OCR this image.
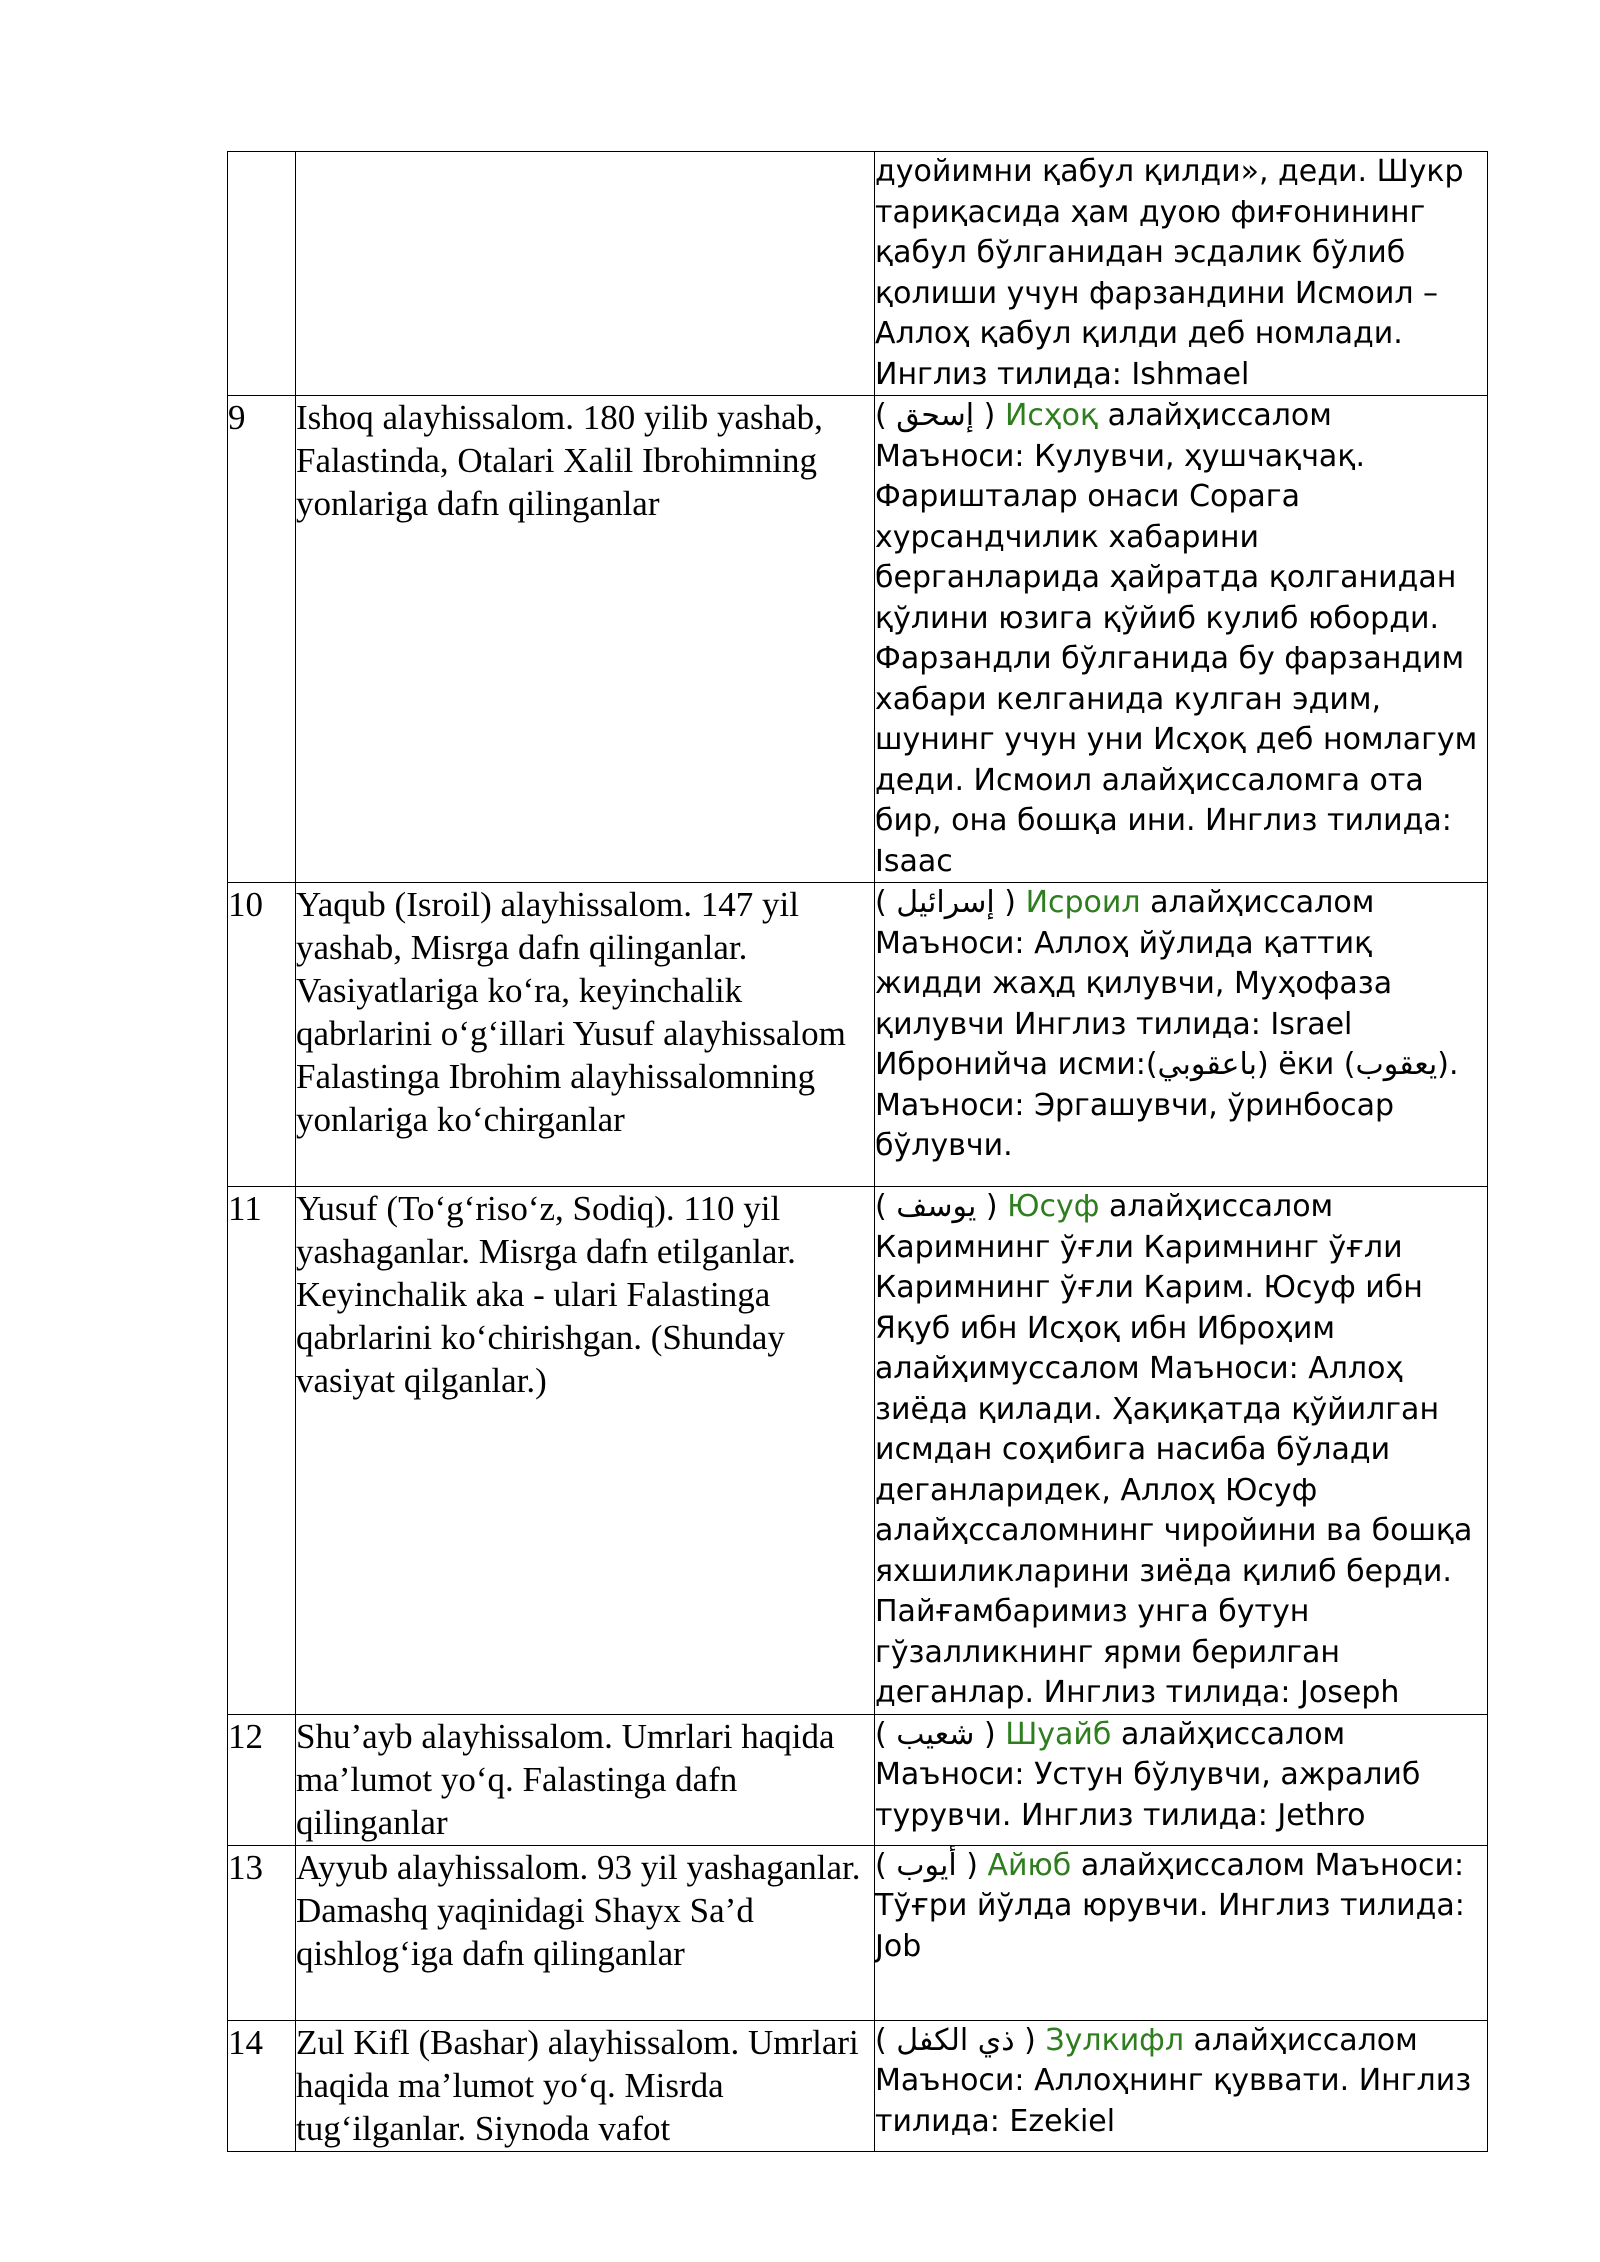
		дуойимни қабул қилди», деди. Шукр тариқасида ҳам дуою фиғонининг қабул бўлганидан эсдалик бўлиб қолиши учун фарзандини Исмоил – Аллоҳ қабул қилди деб номлади. Инглиз тилида: Ishmael

9	Ishoq alayhissalom. 180 yilib yashab, Falastinda, Otalari Xalil Ibrohimning yonlariga dafn qilinganlar	( إسحق ) Исҳоқ алайҳиссалом Маъноси: Кулувчи, ҳушчақчақ. Фаришталар онаси Сорага хурсандчилик хабарини берганларида ҳайратда қолганидан қўлини юзига қўйиб кулиб юборди. Фарзандли бўлганида бу фарзандим хабари келганида кулган эдим, шунинг учун уни Исҳоқ деб номлагум деди. Исмоил алайҳиссаломга ота бир, она бошқа ини. Инглиз тилида: Isaac
10	Yaqub (Isroil) alayhissalom. 147 yil yashab, Misrga dafn qilinganlar. Vasiyatlariga ko‘ra, keyinchalik qabrlarini o‘g‘illari Yusuf alayhissalom Falastinga Ibrohim alayhissalomning yonlariga ko‘chirganlar	( إسرائيل ) Исроил алайҳиссалом Маъноси: Аллоҳ йўлида қаттиқ жидди жаҳд қилувчи, Муҳофаза қилувчи Инглиз тилида: Israel Ибронийча исми:(باعقوبي) ёки (يعقوب). Маъноси: Эргашувчи, ўринбосар бўлувчи.
11	Yusuf (To‘g‘riso‘z, Sodiq). 110 yil yashaganlar. Misrga dafn etilganlar. Keyinchalik aka - ulari Falastinga qabrlarini ko‘chirishgan. (Shunday vasiyat qilganlar.)	( يوسف ) Юсуф алайҳиссалом Каримнинг ўғли Каримнинг ўғли Каримнинг ўғли Карим. Юсуф ибн Яқуб ибн Исҳоқ ибн Иброҳим алайҳимуссалом Маъноси: Аллоҳ зиёда қилади. Ҳақиқатда қўйилган исмдан соҳибига насиба бўлади деганларидек, Аллоҳ Юсуф алайҳссаломнинг чиройини ва бошқа яхшиликларини зиёда қилиб берди. Пайғамбаримиз унга бутун гўзалликнинг ярми берилган деганлар. Инглиз тилида: Joseph
12	Shu’ayb alayhissalom. Umrlari haqida ma’lumot yo‘q. Falastinga dafn qilinganlar	( شعيب ) Шуайб алайҳиссалом Маъноси: Устун бўлувчи, ажралиб турувчи. Инглиз тилида: Jethro
13	Ayyub alayhissalom. 93 yil yashaganlar. Damashq yaqinidagi Shayx Sa’d qishlog‘iga dafn qilinganlar	( أيوب ) Айюб алайҳиссалом Маъноси: Тўғри йўлда юрувчи. Инглиз тилида: Job
14	Zul Kifl (Bashar) alayhissalom. Umrlari haqida ma’lumot yo‘q. Misrda tug‘ilganlar. Siynoda vafot	( ذي الكفل ) Зулкифл алайҳиссалом Маъноси: Аллоҳнинг қуввати. Инглиз тилида: Ezekiel
